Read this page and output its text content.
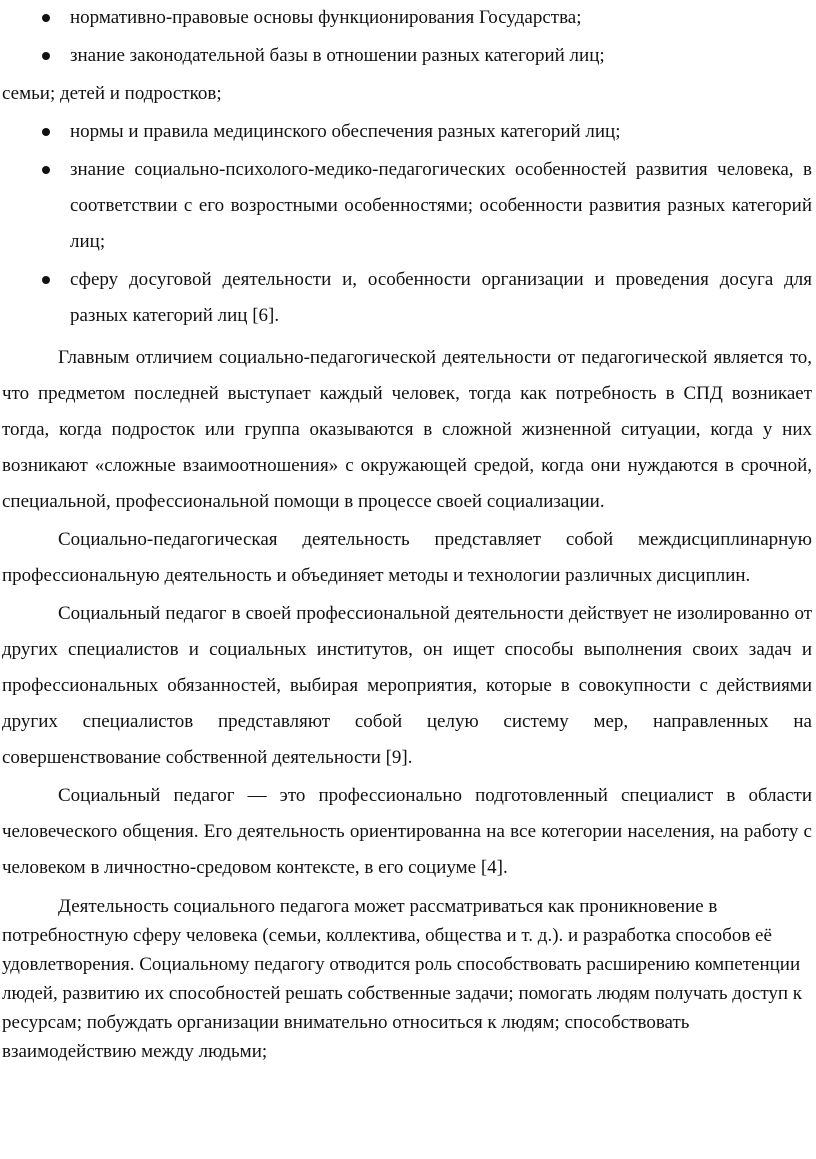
нормативно-правовые основы функционирования Государства;
знание законодательной базы в отношении разных категорий лиц;
семьи; детей и подростков;
нормы и правила медицинского обеспечения разных категорий лиц;
знание социально-психолого-медико-педагогических особенностей развития человека, в соответствии с его возростными особенностями; особенности развития разных категорий лиц;
сферу досуговой деятельности и, особенности организации и проведения досуга для разных категорий лиц [6].

Главным отличием социально-педагогической деятельности от педагогической является то, что предметом последней выступает каждый человек, тогда как потребность в СПД возникает тогда, когда подросток или группа оказываются в сложной жизненной ситуации, когда у них возникают «сложные взаимоотношения» с окружающей средой, когда они нуждаются в срочной, специальной, профессиональной помощи в процессе своей социализации.

Социально-педагогическая деятельность представляет собой междисциплинарную профессиональную деятельность и объединяет методы и технологии различных дисциплин.

Социальный педагог в своей профессиональной деятельности действует не изолированно от других специалистов и социальных институтов, он ищет способы выполнения своих задач и профессиональных обязанностей, выбирая мероприятия, которые в совокупности с действиями других специалистов представляют собой целую систему мер, направленных на совершенствование собственной деятельности [9].

Социальный педагог — это профессионально подготовленный специалист в области человеческого общения. Его деятельность ориентированна на все котегории населения, на работу с человеком в личностно-средовом контексте, в его социуме [4].

Деятельность социального педагога может рассматриваться как проникновение в потребностную сферу человека (семьи, коллектива, общества и т. д.). и разработка способов её удовлетворения. Социальному педагогу отводится роль способствовать расширению компетенции людей, развитию их способностей решать собственные задачи; помогать людям получать доступ к ресурсам; побуждать организации внимательно относиться к людям; способствовать взаимодействию между людьми;
